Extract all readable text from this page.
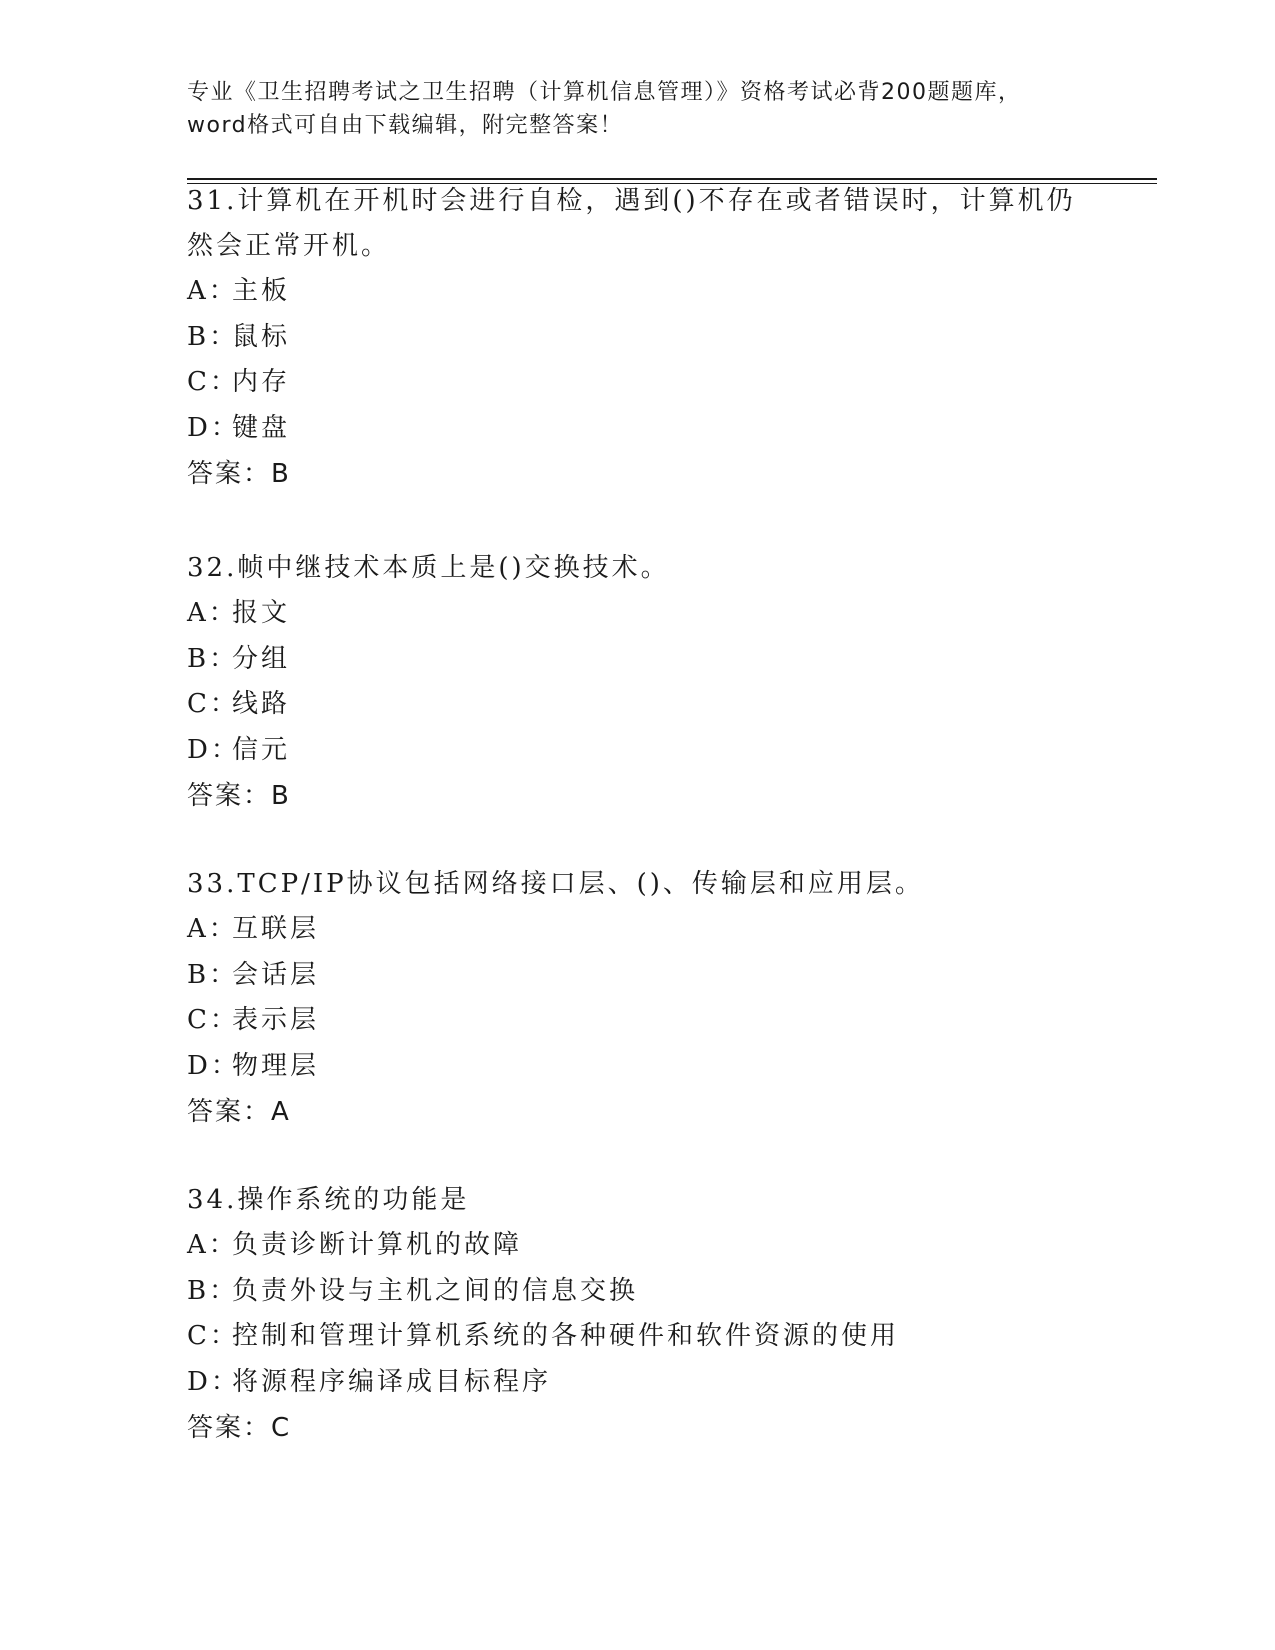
专业《卫生招聘考试之卫生招聘（计算机信息管理）》资格考试必背200题题库，
word格式可自由下载编辑，附完整答案！
31.计算机在开机时会进行自检，遇到()不存在或者错误时，计算机仍
然会正常开机。
A：
主板
B：
鼠标
C：
内存
D：
键盘
答案：B
32.帧中继技术本质上是()交换技术。
A：
报文
B：
分组
C：
线路
D：
信元
答案：B
33.TCP/IP协议包括网络接口层、()、传输层和应用层。
A：
互联层
B：
会话层
C：
表示层
D：
物理层
答案：A
34.操作系统的功能是
A：
负责诊断计算机的故障
B：
负责外设与主机之间的信息交换
C：
控制和管理计算机系统的各种硬件和软件资源的使用
D：
将源程序编译成目标程序
答案：C
